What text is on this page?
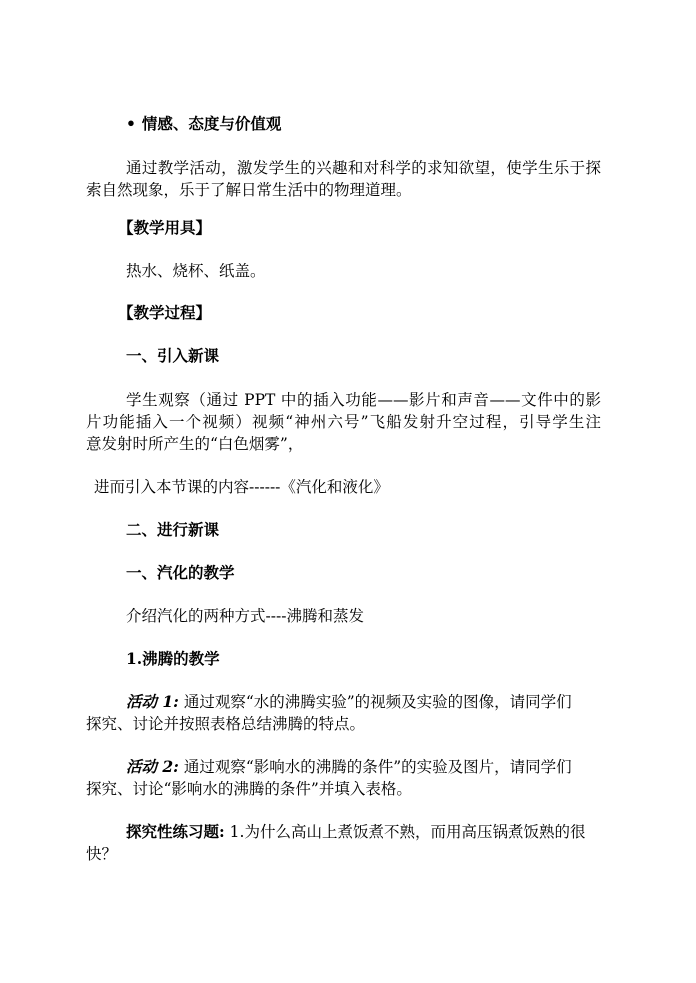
• 情感、态度与价值观
通过教学活动，激发学生的兴趣和对科学的求知欲望，使学生乐于探
索自然现象，乐于了解日常生活中的物理道理。
【教学用具】
热水、烧杯、纸盖。
【教学过程】
一、引入新课
学生观察（通过 PPT 中的插入功能——影片和声音——文件中的影
片功能插入一个视频）视频“神州六号”飞船发射升空过程，引导学生注
意发射时所产生的“白色烟雾”，
进而引入本节课的内容------《汽化和液化》
二、进行新课
一、汽化的教学
介绍汽化的两种方式----沸腾和蒸发
1.沸腾的教学
活动 1: 通过观察“水的沸腾实验”的视频及实验的图像，请同学们
探究、讨论并按照表格总结沸腾的特点。
活动 2: 通过观察“影响水的沸腾的条件”的实验及图片，请同学们
探究、讨论“影响水的沸腾的条件”并填入表格。
探究性练习题: 1.为什么高山上煮饭煮不熟，而用高压锅煮饭熟的很
快？
